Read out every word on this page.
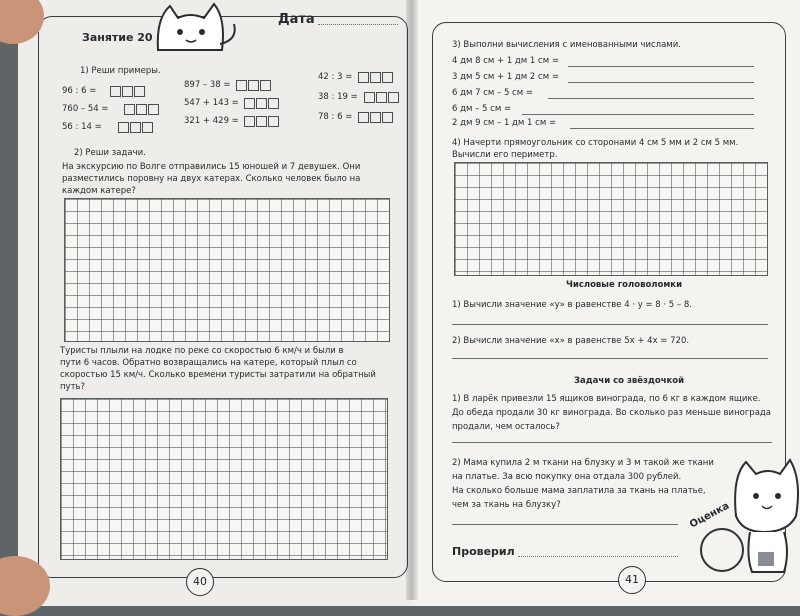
Занятие 20
Дата
1) Реши примеры.
96 : 6 =
760 – 54 =
56 : 14 =
897 – 38 =
547 + 143 =
321 + 429 =
42 : 3 =
38 : 19 =
78 : 6 =
2) Реши задачи.
На экскурсию по Волге отправились 15 юношей и 7 девушек. Они
разместились поровну на двух катерах. Сколько человек было на
каждом катере?
Туристы плыли на лодке по реке со скоростью 6 км/ч и были в
пути 6 часов. Обратно возвращались на катере, который плыл со
скоростью 15 км/ч. Сколько времени туристы затратили на обратный
путь?
40
3) Выполни вычисления с именованными числами.
4 дм 8 см + 1 дм 1 см =
3 дм 5 см + 1 дм 2 см =
6 дм 7 см – 5 см =
6 дм – 5 см =
2 дм 9 см – 1 дм 1 см =
4) Начерти прямоугольник со сторонами 4 см 5 мм и 2 см 5 мм.
Вычисли его периметр.
Числовые головоломки
1) Вычисли значение «у» в равенстве 4 · у = 8 · 5 – 8.
2) Вычисли значение «х» в равенстве 5х + 4х = 720.
Задачи со звёздочкой
1) В ларёк привезли 15 ящиков винограда, по 6 кг в каждом ящике.
До обеда продали 30 кг винограда. Во сколько раз меньше винограда
продали, чем осталось?
2) Мама купила 2 м ткани на блузку и 3 м такой же ткани
на платье. За всю покупку она отдала 300 рублей.
На сколько больше мама заплатила за ткань на платье,
чем за ткань на блузку?
Проверил
Оценка
41
